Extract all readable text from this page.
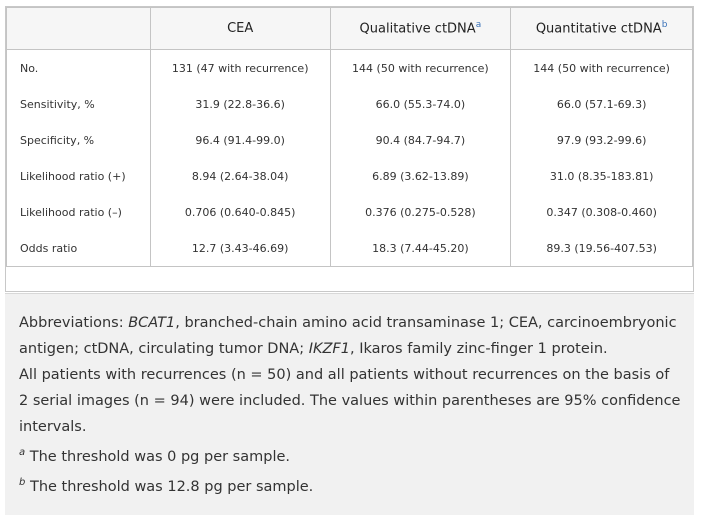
	CEA	Qualitative ctDNA$^a$	Quantitative ctDNA$^b$
No.	131 (47 with recurrence)	144 (50 with recurrence)	144 (50 with recurrence)
Sensitivity, %	31.9 (22.8-36.6)	66.0 (55.3-74.0)	66.0 (57.1-69.3)
Specificity, %	96.4 (91.4-99.0)	90.4 (84.7-94.7)	97.9 (93.2-99.6)
Likelihood ratio (+)	8.94 (2.64-38.04)	6.89 (3.62-13.89)	31.0 (8.35-183.81)
Likelihood ratio (–)	0.706 (0.640-0.845)	0.376 (0.275-0.528)	0.347 (0.308-0.460)
Odds ratio	12.7 (3.43-46.69)	18.3 (7.44-45.20)	89.3 (19.56-407.53)

Abbreviations: BCAT1, branched-chain amino acid transaminase 1; CEA, carcinoembryonic antigen; ctDNA, circulating tumor DNA; IKZF1, Ikaros family zinc-finger 1 protein.

All patients with recurrences (n = 50) and all patients without recurrences on the basis of 2 serial images (n = 94) were included. The values within parentheses are 95% confidence intervals.

$^a$ The threshold was 0 pg per sample.

$^b$ The threshold was 12.8 pg per sample.
